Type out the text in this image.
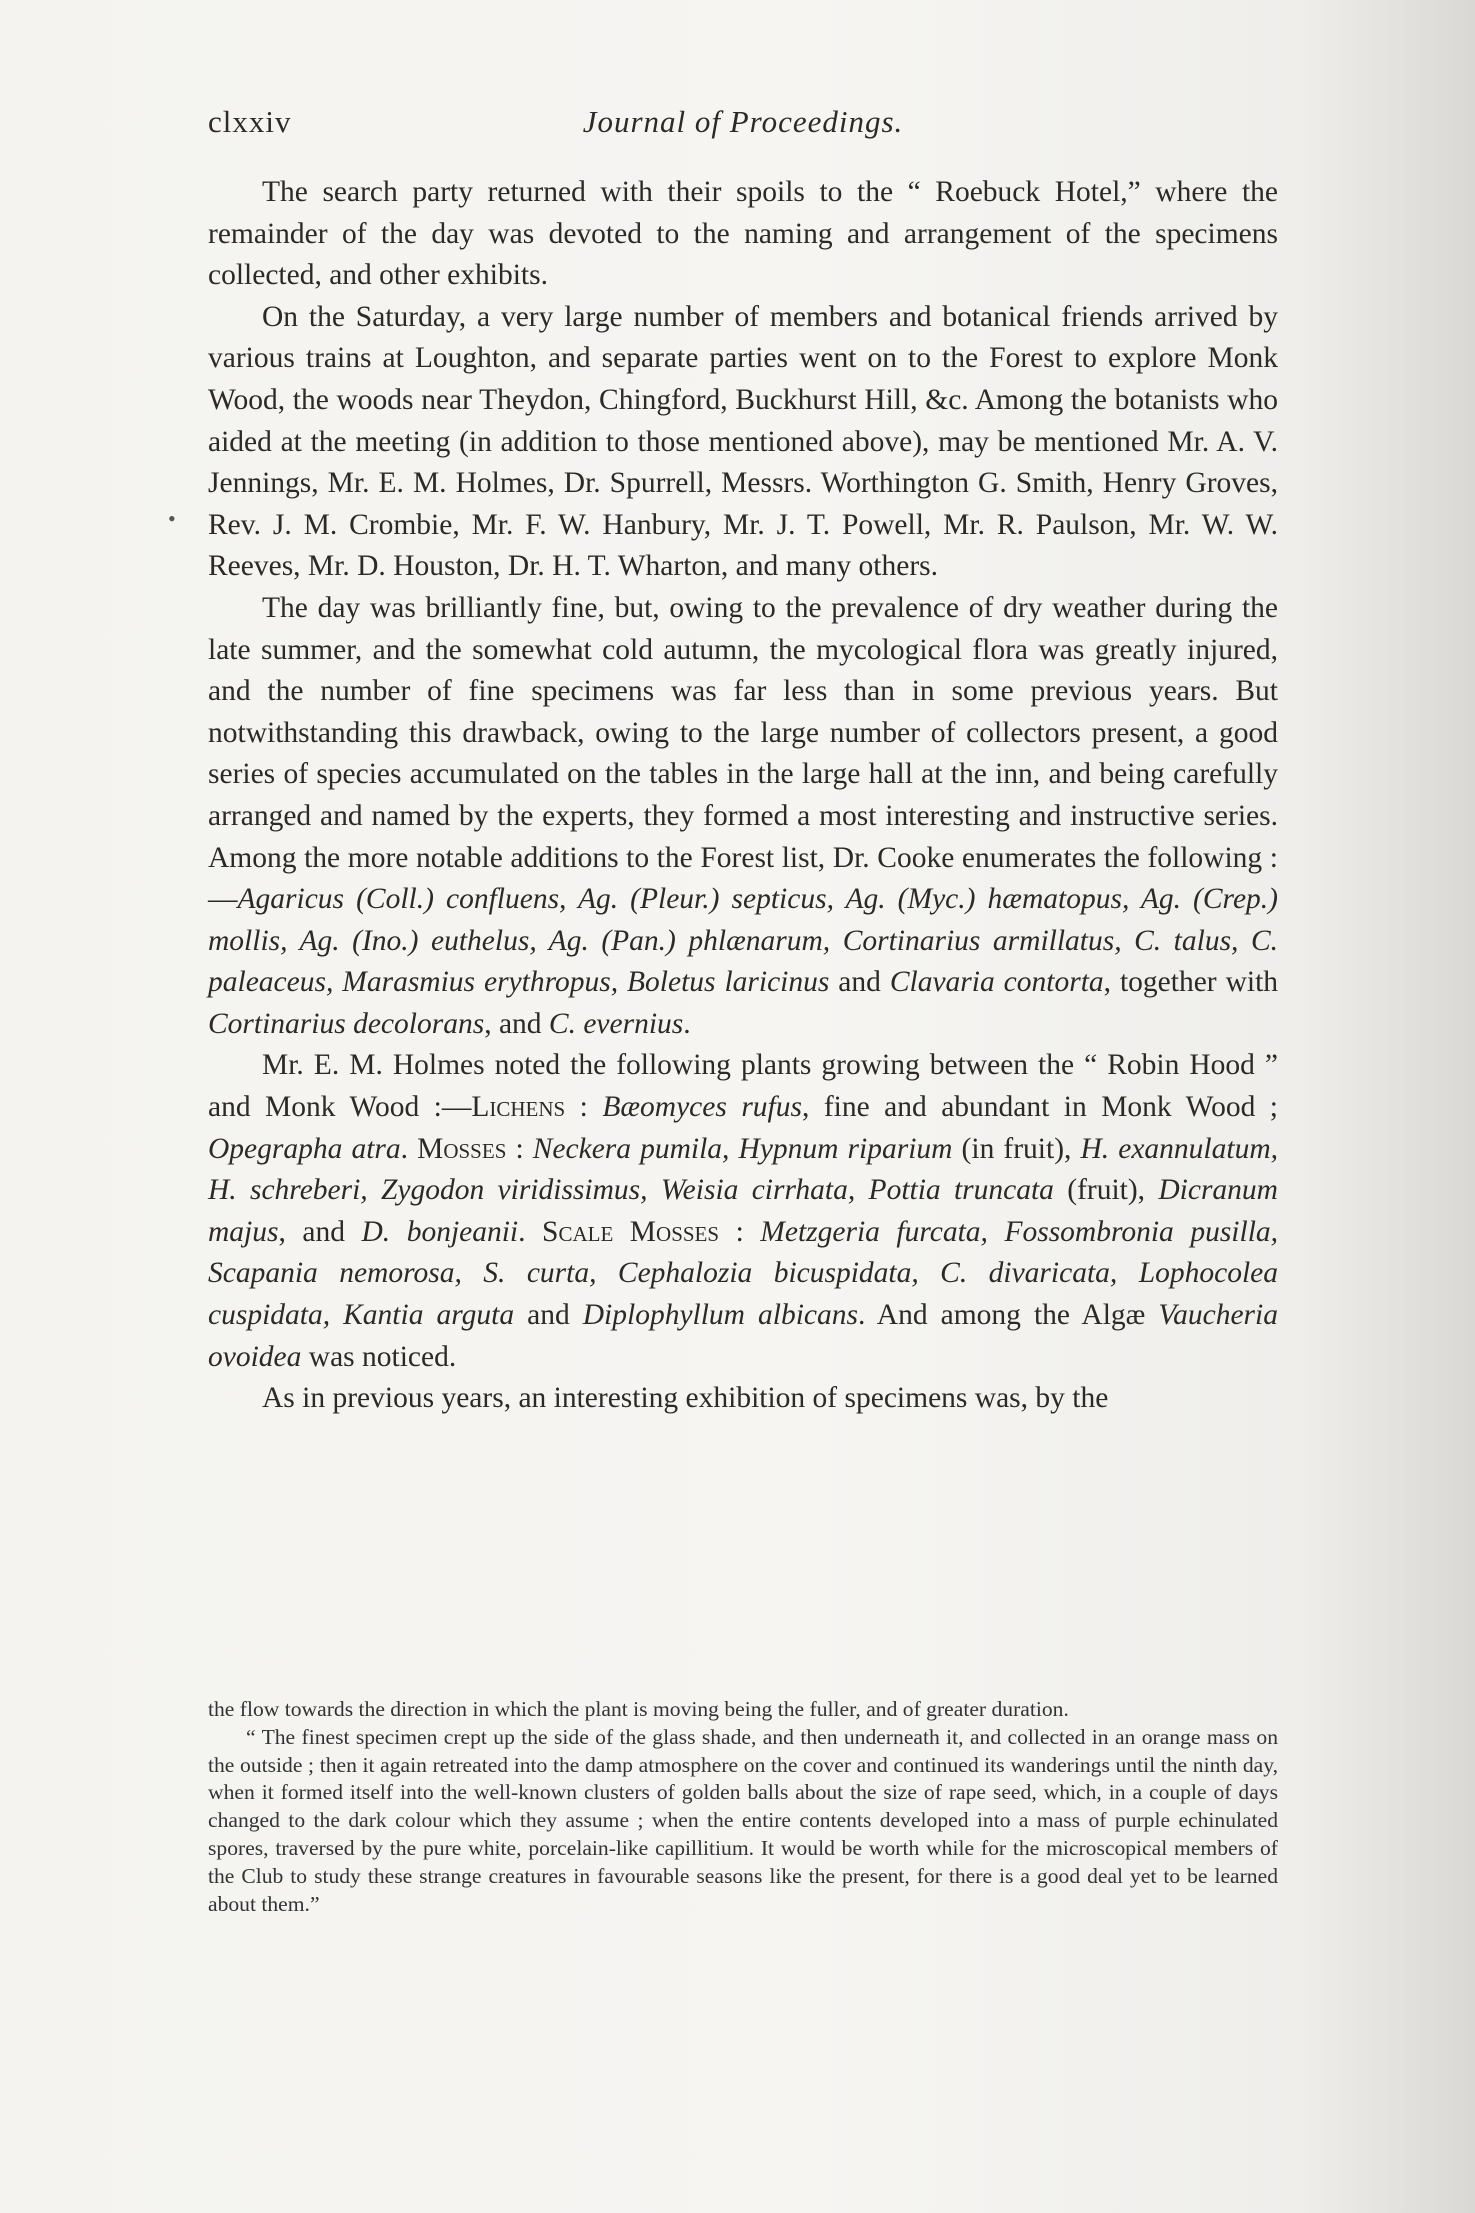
clxxiv	Journal of Proceedings.
•

The search party returned with their spoils to the “ Roebuck Hotel,” where the remainder of the day was devoted to the naming and arrangement of the specimens collected, and other exhibits.

On the Saturday, a very large number of members and botanical friends arrived by various trains at Loughton, and separate parties went on to the Forest to explore Monk Wood, the woods near Theydon, Chingford, Buckhurst Hill, &c. Among the botanists who aided at the meeting (in addition to those mentioned above), may be mentioned Mr. A. V. Jennings, Mr. E. M. Holmes, Dr. Spurrell, Messrs. Worthington G. Smith, Henry Groves, Rev. J. M. Crombie, Mr. F. W. Hanbury, Mr. J. T. Powell, Mr. R. Paulson, Mr. W. W. Reeves, Mr. D. Houston, Dr. H. T. Wharton, and many others.

The day was brilliantly fine, but, owing to the prevalence of dry weather during the late summer, and the somewhat cold autumn, the mycological flora was greatly injured, and the number of fine specimens was far less than in some previous years. But notwithstanding this drawback, owing to the large number of collectors present, a good series of species accumulated on the tables in the large hall at the inn, and being carefully arranged and named by the experts, they formed a most interesting and instructive series. Among the more notable additions to the Forest list, Dr. Cooke enumerates the following :—Agaricus (Coll.) confluens, Ag. (Pleur.) septicus, Ag. (Myc.) hæmatopus, Ag. (Crep.) mollis, Ag. (Ino.) euthelus, Ag. (Pan.) phlænarum, Cortinarius armillatus, C. talus, C. paleaceus, Marasmius erythropus, Boletus laricinus and Clavaria contorta, together with Cortinarius decolorans, and C. evernius.

Mr. E. M. Holmes noted the following plants growing between the “ Robin Hood ” and Monk Wood :—Lichens : Bæomyces rufus, fine and abundant in Monk Wood ; Opegrapha atra. Mosses : Neckera pumila, Hypnum riparium (in fruit), H. exannulatum, H. schreberi, Zygodon viridissimus, Weisia cirrhata, Pottia truncata (fruit), Dicranum majus, and D. bonjeanii. Scale Mosses : Metzgeria furcata, Fossombronia pusilla, Scapania nemorosa, S. curta, Cephalozia bicuspidata, C. divaricata, Lophocolea cuspidata, Kantia arguta and Diplophyllum albicans. And among the Algæ Vaucheria ovoidea was noticed.

As in previous years, an interesting exhibition of specimens was, by the

the flow towards the direction in which the plant is moving being the fuller, and of greater duration.

“ The finest specimen crept up the side of the glass shade, and then underneath it, and collected in an orange mass on the outside ; then it again retreated into the damp atmosphere on the cover and continued its wanderings until the ninth day, when it formed itself into the well-known clusters of golden balls about the size of rape seed, which, in a couple of days changed to the dark colour which they assume ; when the entire contents developed into a mass of purple echinulated spores, traversed by the pure white, porcelain-like capillitium. It would be worth while for the microscopical members of the Club to study these strange creatures in favourable seasons like the present, for there is a good deal yet to be learned about them.”
